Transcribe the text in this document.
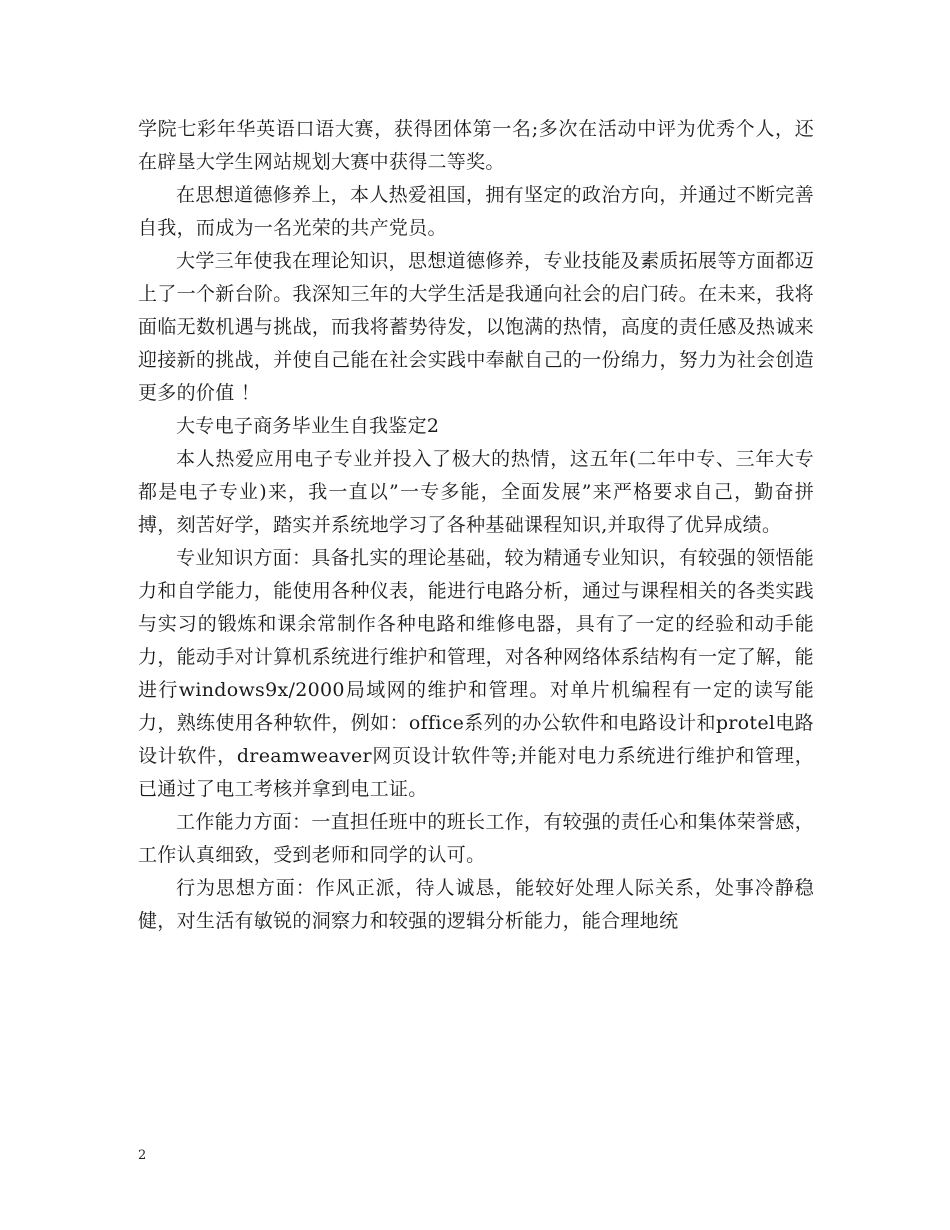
学院七彩年华英语口语大赛，获得团体第一名;多次在活动中评为优秀个人，还在辟垦大学生网站规划大赛中获得二等奖。

在思想道德修养上，本人热爱祖国，拥有坚定的政治方向，并通过不断完善自我，而成为一名光荣的共产党员。

大学三年使我在理论知识，思想道德修养，专业技能及素质拓展等方面都迈上了一个新台阶。我深知三年的大学生活是我通向社会的启门砖。在未来，我将面临无数机遇与挑战，而我将蓄势待发，以饱满的热情，高度的责任感及热诚来迎接新的挑战，并使自己能在社会实践中奉献自己的一份绵力，努力为社会创造更多的价值 ！

大专电子商务毕业生自我鉴定2

本人热爱应用电子专业并投入了极大的热情，这五年(二年中专、三年大专都是电子专业)来，我一直以”一专多能，全面发展”来严格要求自己，勤奋拼搏，刻苦好学，踏实并系统地学习了各种基础课程知识,并取得了优异成绩。

专业知识方面：具备扎实的理论基础，较为精通专业知识，有较强的领悟能力和自学能力，能使用各种仪表，能进行电路分析，通过与课程相关的各类实践与实习的锻炼和课余常制作各种电路和维修电器，具有了一定的经验和动手能力，能动手对计算机系统进行维护和管理，对各种网络体系结构有一定了解，能进行windows9x/2000局域网的维护和管理。对单片机编程有一定的读写能力，熟练使用各种软件，例如：office系列的办公软件和电路设计和protel电路设计软件，dreamweaver网页设计软件等;并能对电力系统进行维护和管理，已通过了电工考核并拿到电工证。

工作能力方面：一直担任班中的班长工作，有较强的责任心和集体荣誉感，工作认真细致，受到老师和同学的认可。

行为思想方面：作风正派，待人诚恳，能较好处理人际关系，处事冷静稳健，对生活有敏锐的洞察力和较强的逻辑分析能力，能合理地统

2
